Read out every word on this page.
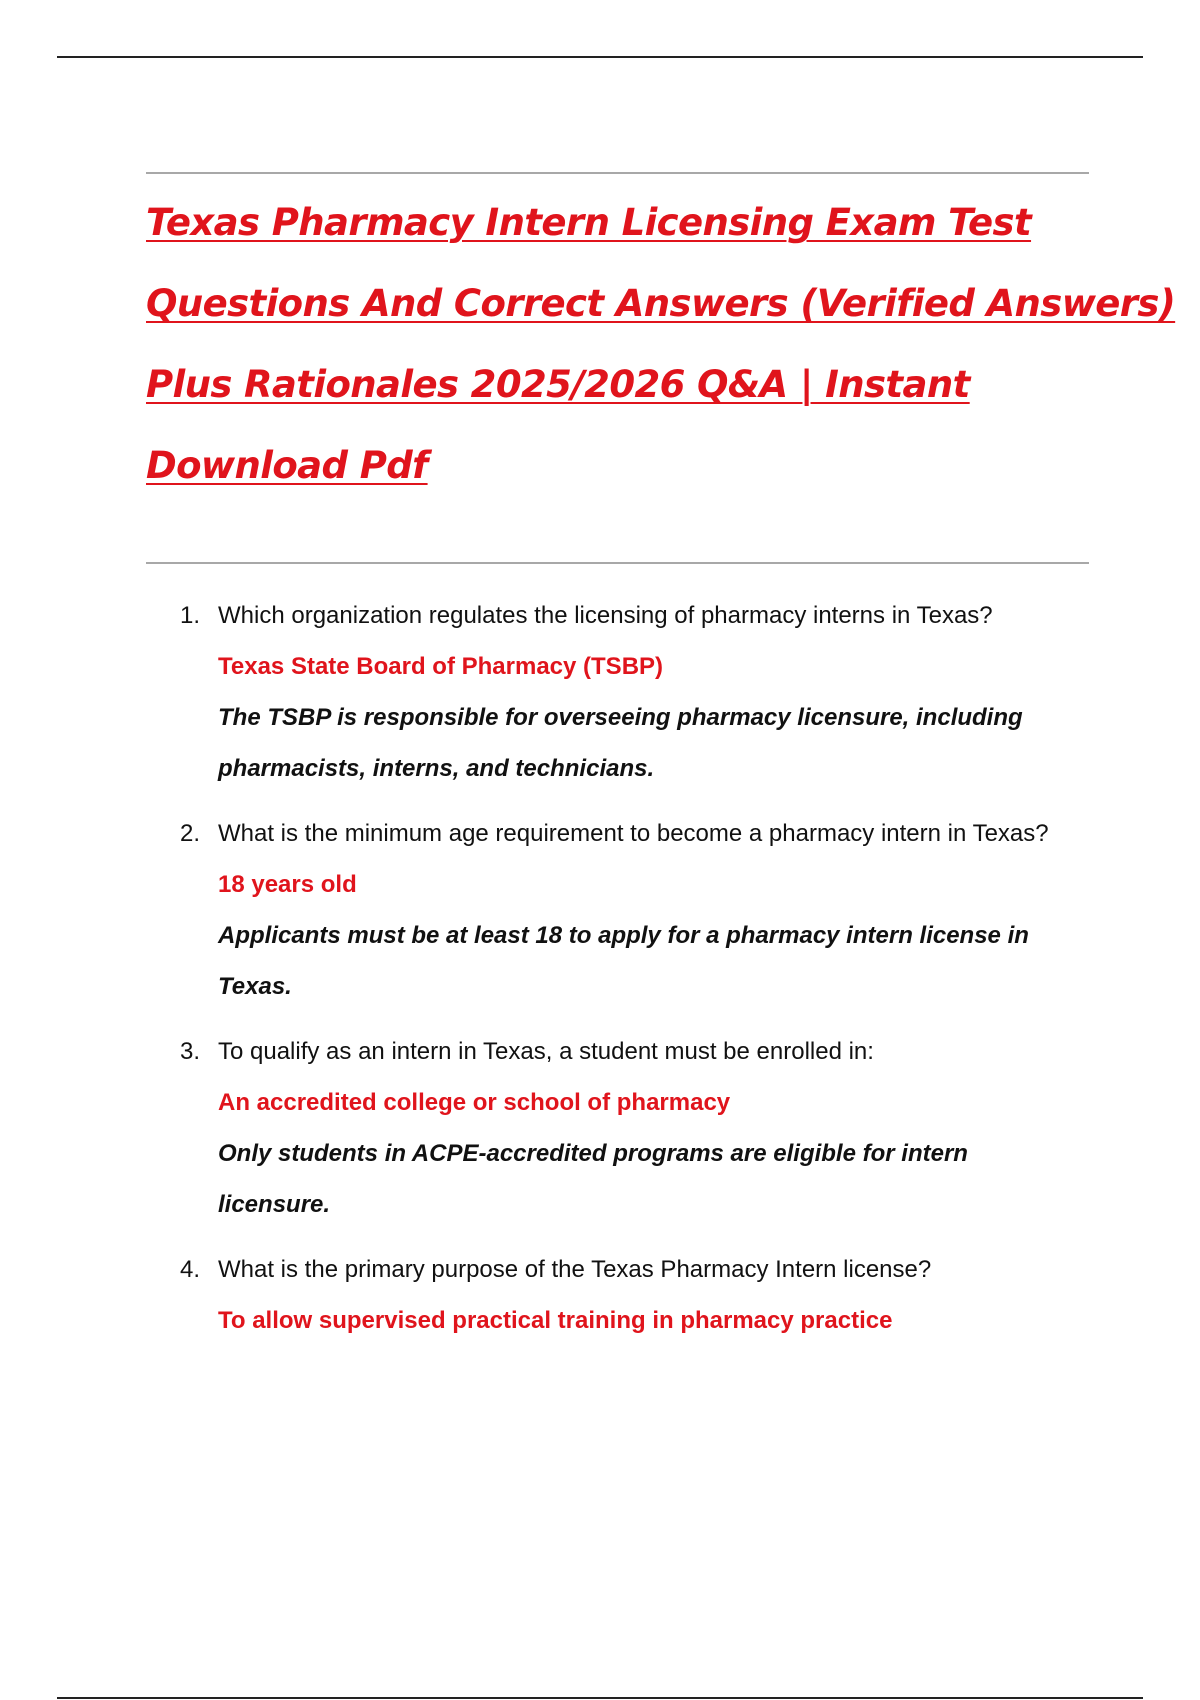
Texas Pharmacy Intern Licensing Exam Test
Questions And Correct Answers (Verified Answers)
Plus Rationales 2025/2026 Q&A | Instant
Download Pdf
1. Which organization regulates the licensing of pharmacy interns in Texas?
Texas State Board of Pharmacy (TSBP)
The TSBP is responsible for overseeing pharmacy licensure, including pharmacists, interns, and technicians.
2. What is the minimum age requirement to become a pharmacy intern in Texas?
18 years old
Applicants must be at least 18 to apply for a pharmacy intern license in Texas.
3. To qualify as an intern in Texas, a student must be enrolled in:
An accredited college or school of pharmacy
Only students in ACPE-accredited programs are eligible for intern licensure.
4. What is the primary purpose of the Texas Pharmacy Intern license?
To allow supervised practical training in pharmacy practice
